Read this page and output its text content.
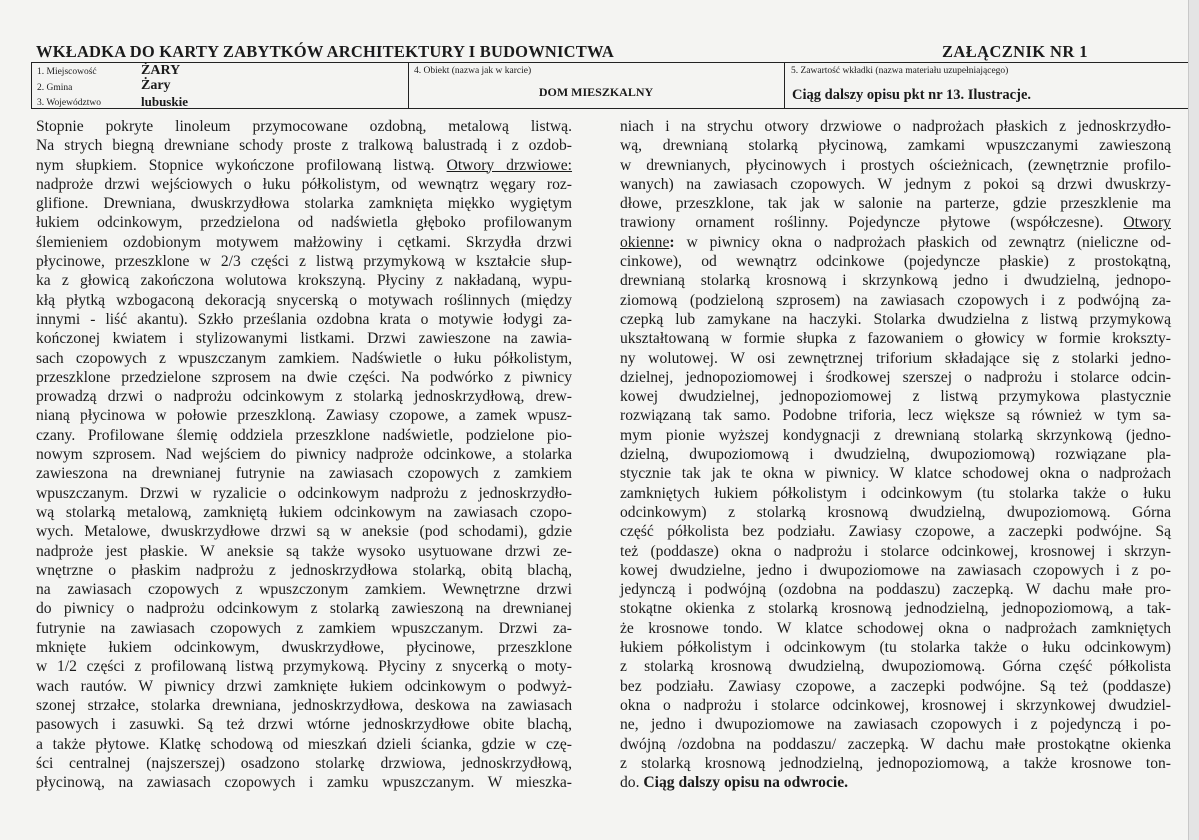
WKŁADKA DO KARTY ZABYTKÓW ARCHITEKTURY I BUDOWNICTWA	ZAŁĄCZNIK NR 1
1. Miejscowość	ŻARY
2. Gmina	Żary
3. Województwo	lubuskie
4. Obiekt (nazwa jak w karcie)
DOM MIESZKALNY
5. Zawartość wkładki (nazwa materiału uzupełniającego)
Ciąg dalszy opisu pkt nr 13. Ilustracje.

Stopnie pokryte linoleum przymocowane ozdobną, metalową listwą.

Na strych biegną drewniane schody proste z tralkową balustradą i z ozdob-

nym słupkiem. Stopnice wykończone profilowaną listwą. Otwory drzwiowe:

nadproże drzwi wejściowych o łuku półkolistym, od wewnątrz węgary roz-

glifione. Drewniana, dwuskrzydłowa stolarka zamknięta miękko wygiętym

łukiem odcinkowym, przedzielona od nadświetla głęboko profilowanym

ślemieniem ozdobionym motywem małżowiny i cętkami. Skrzydła drzwi

płycinowe, przeszklone w 2/3 części z listwą przymykową w kształcie słup-

ka z głowicą zakończona wolutowa krokszyną. Płyciny z nakładaną, wypu-

kłą płytką wzbogaconą dekoracją snycerską o motywach roślinnych (między

innymi - liść akantu). Szkło prześlania ozdobna krata o motywie łodygi za-

kończonej kwiatem i stylizowanymi listkami. Drzwi zawieszone na zawia-

sach czopowych z wpuszczanym zamkiem. Nadświetle o łuku półkolistym,

przeszklone przedzielone szprosem na dwie części. Na podwórko z piwnicy

prowadzą drzwi o nadprożu odcinkowym z stolarką jednoskrzydłową, drew-

nianą płycinowa w połowie przeszkloną. Zawiasy czopowe, a zamek wpusz-

czany. Profilowane ślemię oddziela przeszklone nadświetle, podzielone pio-

nowym szprosem. Nad wejściem do piwnicy nadproże odcinkowe, a stolarka

zawieszona na drewnianej futrynie na zawiasach czopowych z zamkiem

wpuszczanym. Drzwi w ryzalicie o odcinkowym nadprożu z jednoskrzydło-

wą stolarką metalową, zamkniętą łukiem odcinkowym na zawiasach czopo-

wych. Metalowe, dwuskrzydłowe drzwi są w aneksie (pod schodami), gdzie

nadproże jest płaskie. W aneksie są także wysoko usytuowane drzwi ze-

wnętrzne o płaskim nadprożu z jednoskrzydłowa stolarką, obitą blachą,

na zawiasach czopowych z wpuszczonym zamkiem. Wewnętrzne drzwi

do piwnicy o nadprożu odcinkowym z stolarką zawieszoną na drewnianej

futrynie na zawiasach czopowych z zamkiem wpuszczanym. Drzwi za-

mknięte łukiem odcinkowym, dwuskrzydłowe, płycinowe, przeszklone

w 1/2 części z profilowaną listwą przymykową. Płyciny z snycerką o moty-

wach rautów. W piwnicy drzwi zamknięte łukiem odcinkowym o podwyż-

szonej strzałce, stolarka drewniana, jednoskrzydłowa, deskowa na zawiasach

pasowych i zasuwki. Są też drzwi wtórne jednoskrzydłowe obite blachą,

a także płytowe. Klatkę schodową od mieszkań dzieli ścianka, gdzie w czę-

ści centralnej (najszerszej) osadzono stolarkę drzwiowa, jednoskrzydłową,

płycinową, na zawiasach czopowych i zamku wpuszczanym. W mieszka-

niach i na strychu otwory drzwiowe o nadprożach płaskich z jednoskrzydło-

wą, drewnianą stolarką płycinową, zamkami wpuszczanymi zawieszoną

w drewnianych, płycinowych i prostych ościeżnicach, (zewnętrznie profilo-

wanych) na zawiasach czopowych. W jednym z pokoi są drzwi dwuskrzy-

dłowe, przeszklone, tak jak w salonie na parterze, gdzie przeszklenie ma

trawiony ornament roślinny. Pojedyncze płytowe (współczesne). Otwory

okienne: w piwnicy okna o nadprożach płaskich od zewnątrz (nieliczne od-

cinkowe), od wewnątrz odcinkowe (pojedyncze płaskie) z prostokątną,

drewnianą stolarką krosnową i skrzynkową jedno i dwudzielną, jednopo-

ziomową (podzieloną szprosem) na zawiasach czopowych i z podwójną za-

czepką lub zamykane na haczyki. Stolarka dwudzielna z listwą przymykową

ukształtowaną w formie słupka z fazowaniem o głowicy w formie krokszty-

ny wolutowej. W osi zewnętrznej triforium składające się z stolarki jedno-

dzielnej, jednopoziomowej i środkowej szerszej o nadprożu i stolarce odcin-

kowej dwudzielnej, jednopoziomowej z listwą przymykowa plastycznie

rozwiązaną tak samo. Podobne triforia, lecz większe są również w tym sa-

mym pionie wyższej kondygnacji z drewnianą stolarką skrzynkową (jedno-

dzielną, dwupoziomową i dwudzielną, dwupoziomową) rozwiązane pla-

stycznie tak jak te okna w piwnicy. W klatce schodowej okna o nadprożach

zamkniętych łukiem półkolistym i odcinkowym (tu stolarka także o łuku

odcinkowym) z stolarką krosnową dwudzielną, dwupoziomową. Górna

część półkolista bez podziału. Zawiasy czopowe, a zaczepki podwójne. Są

też (poddasze) okna o nadprożu i stolarce odcinkowej, krosnowej i skrzyn-

kowej dwudzielne, jedno i dwupoziomowe na zawiasach czopowych i z po-

jedynczą i podwójną (ozdobna na poddaszu) zaczepką. W dachu małe pro-

stokątne okienka z stolarką krosnową jednodzielną, jednopoziomową, a tak-

że krosnowe tondo. W klatce schodowej okna o nadprożach zamkniętych

łukiem półkolistym i odcinkowym (tu stolarka także o łuku odcinkowym)

z stolarką krosnową dwudzielną, dwupoziomową. Górna część półkolista

bez podziału. Zawiasy czopowe, a zaczepki podwójne. Są też (poddasze)

okna o nadprożu i stolarce odcinkowej, krosnowej i skrzynkowej dwudziel-

ne, jedno i dwupoziomowe na zawiasach czopowych i z pojedynczą i po-

dwójną /ozdobna na poddaszu/ zaczepką. W dachu małe prostokątne okienka

z stolarką krosnową jednodzielną, jednopoziomową, a także krosnowe ton-

do. Ciąg dalszy opisu na odwrocie.
